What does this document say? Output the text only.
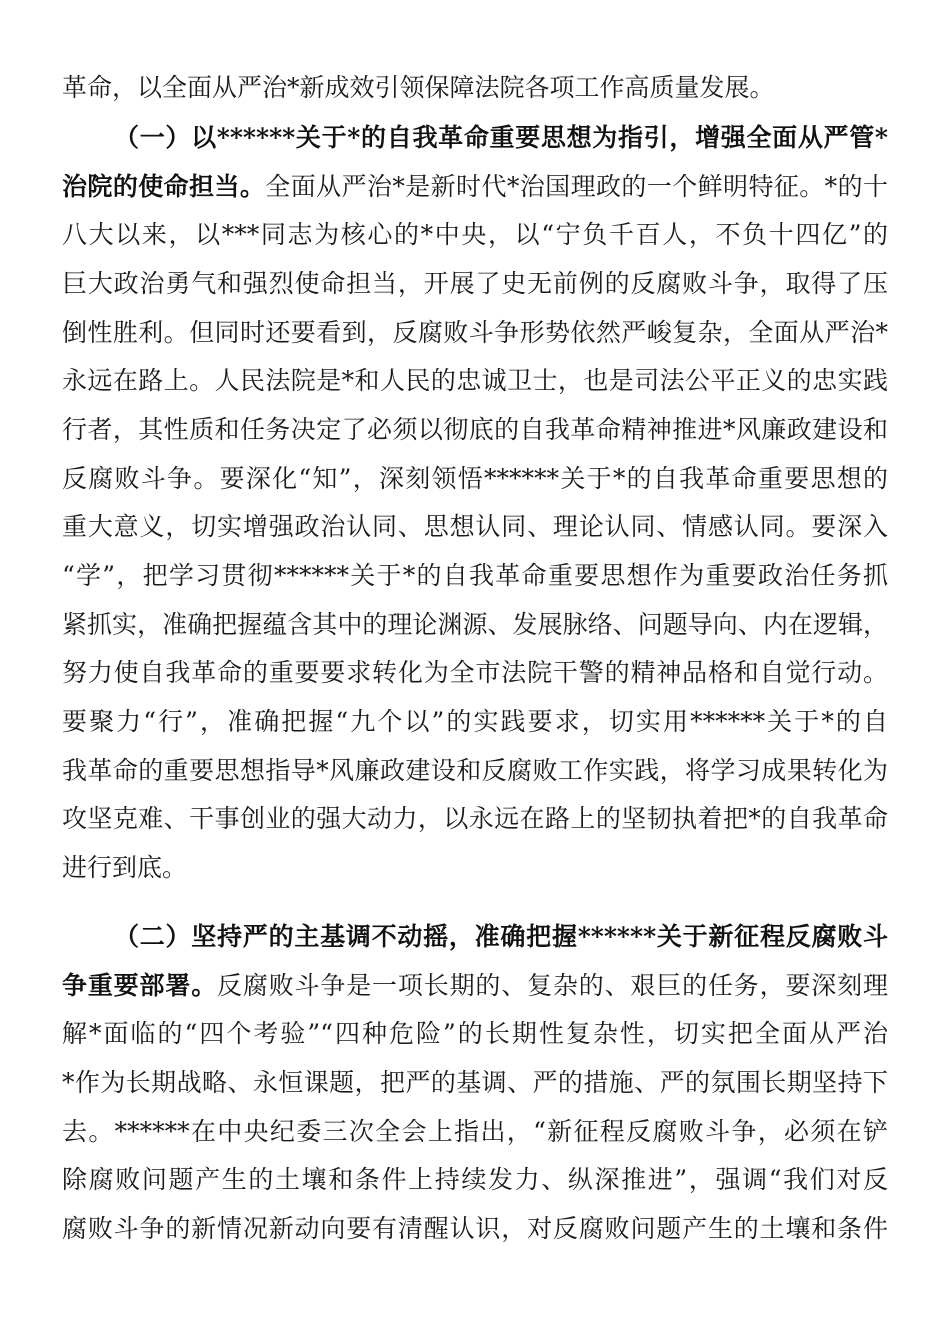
革命，以全面从严治*新成效引领保障法院各项工作高质量发展。
（一）以******关于*的自我革命重要思想为指引，增强全面从严管*
治院的使命担当。全面从严治*是新时代*治国理政的一个鲜明特征。*的十
八大以来，以***同志为核心的*中央，以“宁负千百人，不负十四亿”的
巨大政治勇气和强烈使命担当，开展了史无前例的反腐败斗争，取得了压
倒性胜利。但同时还要看到，反腐败斗争形势依然严峻复杂，全面从严治*
永远在路上。人民法院是*和人民的忠诚卫士，也是司法公平正义的忠实践
行者，其性质和任务决定了必须以彻底的自我革命精神推进*风廉政建设和
反腐败斗争。要深化“知”，深刻领悟******关于*的自我革命重要思想的
重大意义，切实增强政治认同、思想认同、理论认同、情感认同。要深入
“学”，把学习贯彻******关于*的自我革命重要思想作为重要政治任务抓
紧抓实，准确把握蕴含其中的理论渊源、发展脉络、问题导向、内在逻辑，
努力使自我革命的重要要求转化为全市法院干警的精神品格和自觉行动。
要聚力“行”，准确把握“九个以”的实践要求，切实用******关于*的自
我革命的重要思想指导*风廉政建设和反腐败工作实践，将学习成果转化为
攻坚克难、干事创业的强大动力，以永远在路上的坚韧执着把*的自我革命
进行到底。
（二）坚持严的主基调不动摇，准确把握******关于新征程反腐败斗
争重要部署。反腐败斗争是一项长期的、复杂的、艰巨的任务，要深刻理
解*面临的“四个考验”“四种危险”的长期性复杂性，切实把全面从严治
*作为长期战略、永恒课题，把严的基调、严的措施、严的氛围长期坚持下
去。******在中央纪委三次全会上指出，“新征程反腐败斗争，必须在铲
除腐败问题产生的土壤和条件上持续发力、纵深推进”，强调“我们对反
腐败斗争的新情况新动向要有清醒认识，对反腐败问题产生的土壤和条件
